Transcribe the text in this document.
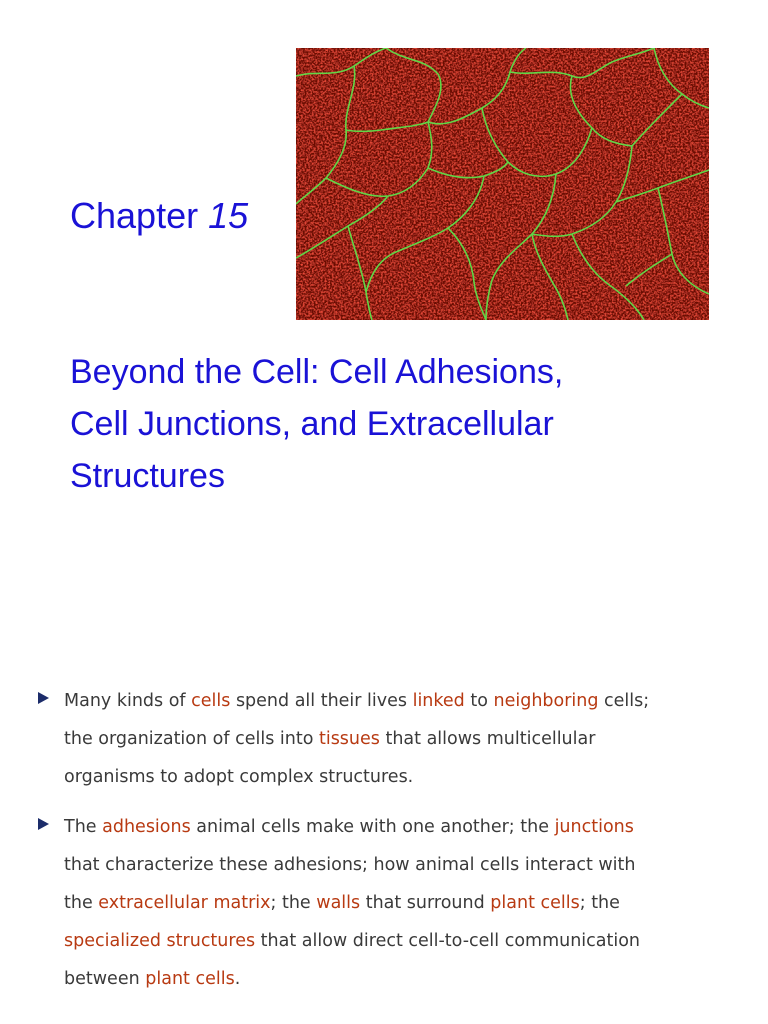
Chapter 15
Beyond the Cell: Cell Adhesions,
Cell Junctions, and Extracellular
Structures
Many kinds of cells spend all their lives linked to neighboring cells;
the organization of cells into tissues that allows multicellular
organisms to adopt complex structures.
The adhesions animal cells make with one another; the junctions
that characterize these adhesions; how animal cells interact with
the extracellular matrix; the walls that surround plant cells; the
specialized structures that allow direct cell-to-cell communication
between plant cells.
